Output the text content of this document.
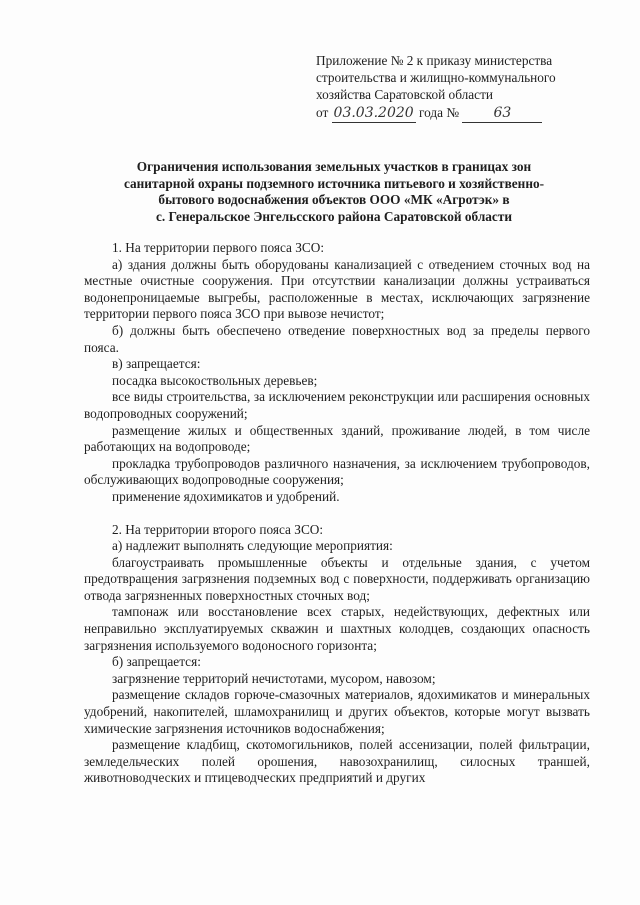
Приложение № 2 к приказу министерства
строительства и жилищно-коммунального
хозяйства Саратовской области
от 03.03.2020 года № 63
Ограничения использования земельных участков в границах зон
санитарной охраны подземного источника питьевого и хозяйственно-
бытового водоснабжения объектов ООО «МК «Агротэк» в
с. Генеральское Энгельсского района Саратовской области

1. На территории первого пояса ЗСО:

а) здания должны быть оборудованы канализацией с отведением сточных вод на местные очистные сооружения. При отсутствии канализации должны устраиваться водонепроницаемые выгребы, расположенные в местах, исключающих загрязнение территории первого пояса ЗСО при вывозе нечистот;

б) должны быть обеспечено отведение поверхностных вод за пределы первого пояса.

в) запрещается:

посадка высокоствольных деревьев;

все виды строительства, за исключением реконструкции или расширения основных водопроводных сооружений;

размещение жилых и общественных зданий, проживание людей, в том числе работающих на водопроводе;

прокладка трубопроводов различного назначения, за исключением трубопроводов, обслуживающих водопроводные сооружения;

применение ядохимикатов и удобрений.

2. На территории второго пояса ЗСО:

а) надлежит выполнять следующие мероприятия:

благоустраивать промышленные объекты и отдельные здания, с учетом предотвращения загрязнения подземных вод с поверхности, поддерживать организацию отвода загрязненных поверхностных сточных вод;

тампонаж или восстановление всех старых, недействующих, дефектных или неправильно эксплуатируемых скважин и шахтных колодцев, создающих опасность загрязнения используемого водоносного горизонта;

б) запрещается:

загрязнение территорий нечистотами, мусором, навозом;

размещение складов горюче-смазочных материалов, ядохимикатов и минеральных удобрений, накопителей, шламохранилищ и других объектов, которые могут вызвать химические загрязнения источников водоснабжения;

размещение кладбищ, скотомогильников, полей ассенизации, полей фильтрации, земледельческих полей орошения, навозохранилищ, силосных траншей, животноводческих и птицеводческих предприятий и других
